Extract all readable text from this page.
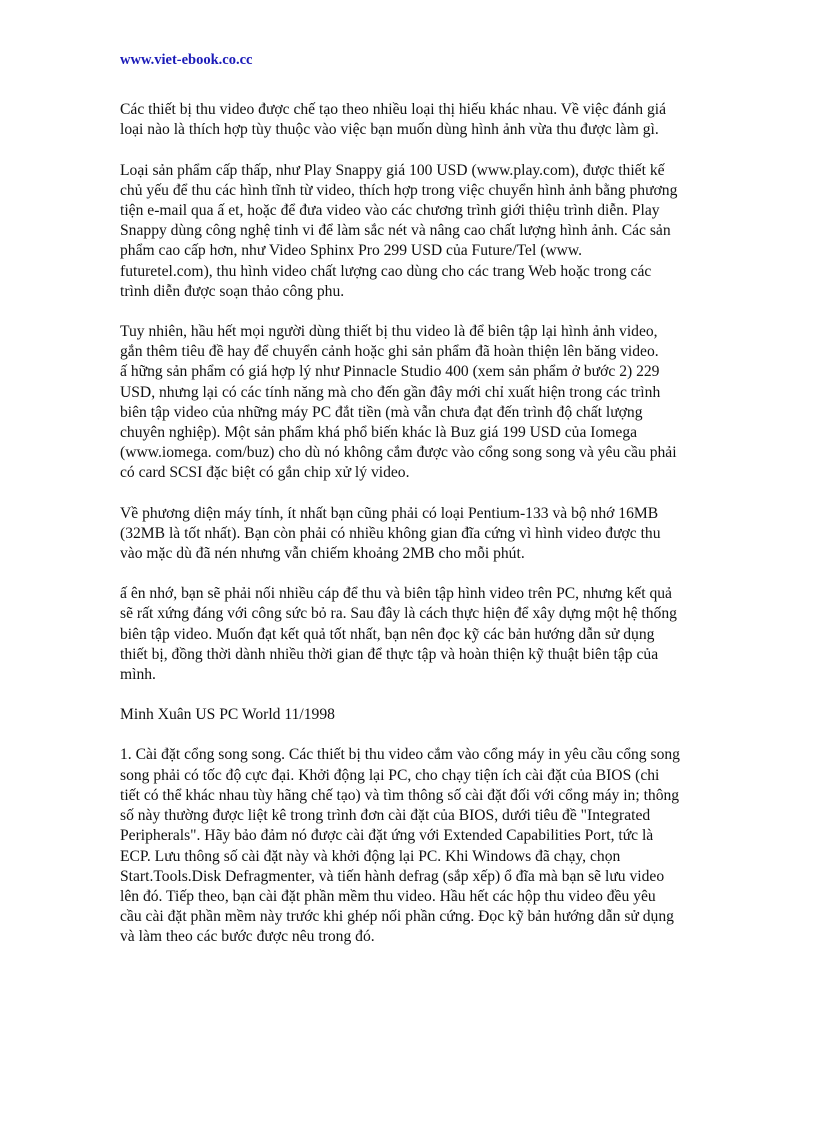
www.viet-ebook.co.cc

Các thiết bị thu video được chế tạo theo nhiều loại thị hiếu khác nhau. Về việc đánh giá
loại nào là thích hợp tùy thuộc vào việc bạn muốn dùng hình ảnh vừa thu được làm gì.

Loại sản phẩm cấp thấp, như Play Snappy giá 100 USD (www.play.com), được thiết kế
chủ yếu để thu các hình tĩnh từ video, thích hợp trong việc chuyển hình ảnh bằng phương
tiện e-mail qua ấ et, hoặc để đưa video vào các chương trình giới thiệu trình diễn. Play
Snappy dùng công nghệ tinh vi để làm sắc nét và nâng cao chất lượng hình ảnh. Các sản
phẩm cao cấp hơn, như Video Sphinx Pro 299 USD của Future/Tel (www.
futuretel.com), thu hình video chất lượng cao dùng cho các trang Web hoặc trong các
trình diễn được soạn thảo công phu.

Tuy nhiên, hầu hết mọi người dùng thiết bị thu video là để biên tập lại hình ảnh video,
gắn thêm tiêu đề hay để chuyển cảnh hoặc ghi sản phẩm đã hoàn thiện lên băng video.
ấ hững sản phẩm có giá hợp lý như Pinnacle Studio 400 (xem sản phẩm ở bước 2) 229
USD, nhưng lại có các tính năng mà cho đến gần đây mới chỉ xuất hiện trong các trình
biên tập video của những máy PC đắt tiền (mà vẫn chưa đạt đến trình độ chất lượng
chuyên nghiệp). Một sản phẩm khá phổ biến khác là Buz giá 199 USD của Iomega
(www.iomega. com/buz) cho dù nó không cắm được vào cổng song song và yêu cầu phải
có card SCSI đặc biệt có gắn chip xử lý video.

Về phương diện máy tính, ít nhất bạn cũng phải có loại Pentium-133 và bộ nhớ 16MB
(32MB là tốt nhất). Bạn còn phải có nhiều không gian đĩa cứng vì hình video được thu
vào mặc dù đã nén nhưng vẫn chiếm khoảng 2MB cho mỗi phút.

ấ ên nhớ, bạn sẽ phải nối nhiều cáp để thu và biên tập hình video trên PC, nhưng kết quả
sẽ rất xứng đáng với công sức bỏ ra. Sau đây là cách thực hiện để xây dựng một hệ thống
biên tập video. Muốn đạt kết quả tốt nhất, bạn nên đọc kỹ các bản hướng dẫn sử dụng
thiết bị, đồng thời dành nhiều thời gian để thực tập và hoàn thiện kỹ thuật biên tập của
mình.

Minh Xuân US PC World 11/1998

1. Cài đặt cổng song song. Các thiết bị thu video cắm vào cổng máy in yêu cầu cổng song
song phải có tốc độ cực đại. Khởi động lại PC, cho chạy tiện ích cài đặt của BIOS (chi
tiết có thể khác nhau tùy hãng chế tạo) và tìm thông số cài đặt đối với cổng máy in; thông
số này thường được liệt kê trong trình đơn cài đặt của BIOS, dưới tiêu đề "Integrated
Peripherals". Hãy bảo đảm nó được cài đặt ứng với Extended Capabilities Port, tức là
ECP. Lưu thông số cài đặt này và khởi động lại PC. Khi Windows đã chạy, chọn
Start.Tools.Disk Defragmenter, và tiến hành defrag (sắp xếp) ổ đĩa mà bạn sẽ lưu video
lên đó. Tiếp theo, bạn cài đặt phần mềm thu video. Hầu hết các hộp thu video đều yêu
cầu cài đặt phần mềm này trước khi ghép nối phần cứng. Đọc kỹ bản hướng dẫn sử dụng
và làm theo các bước được nêu trong đó.
